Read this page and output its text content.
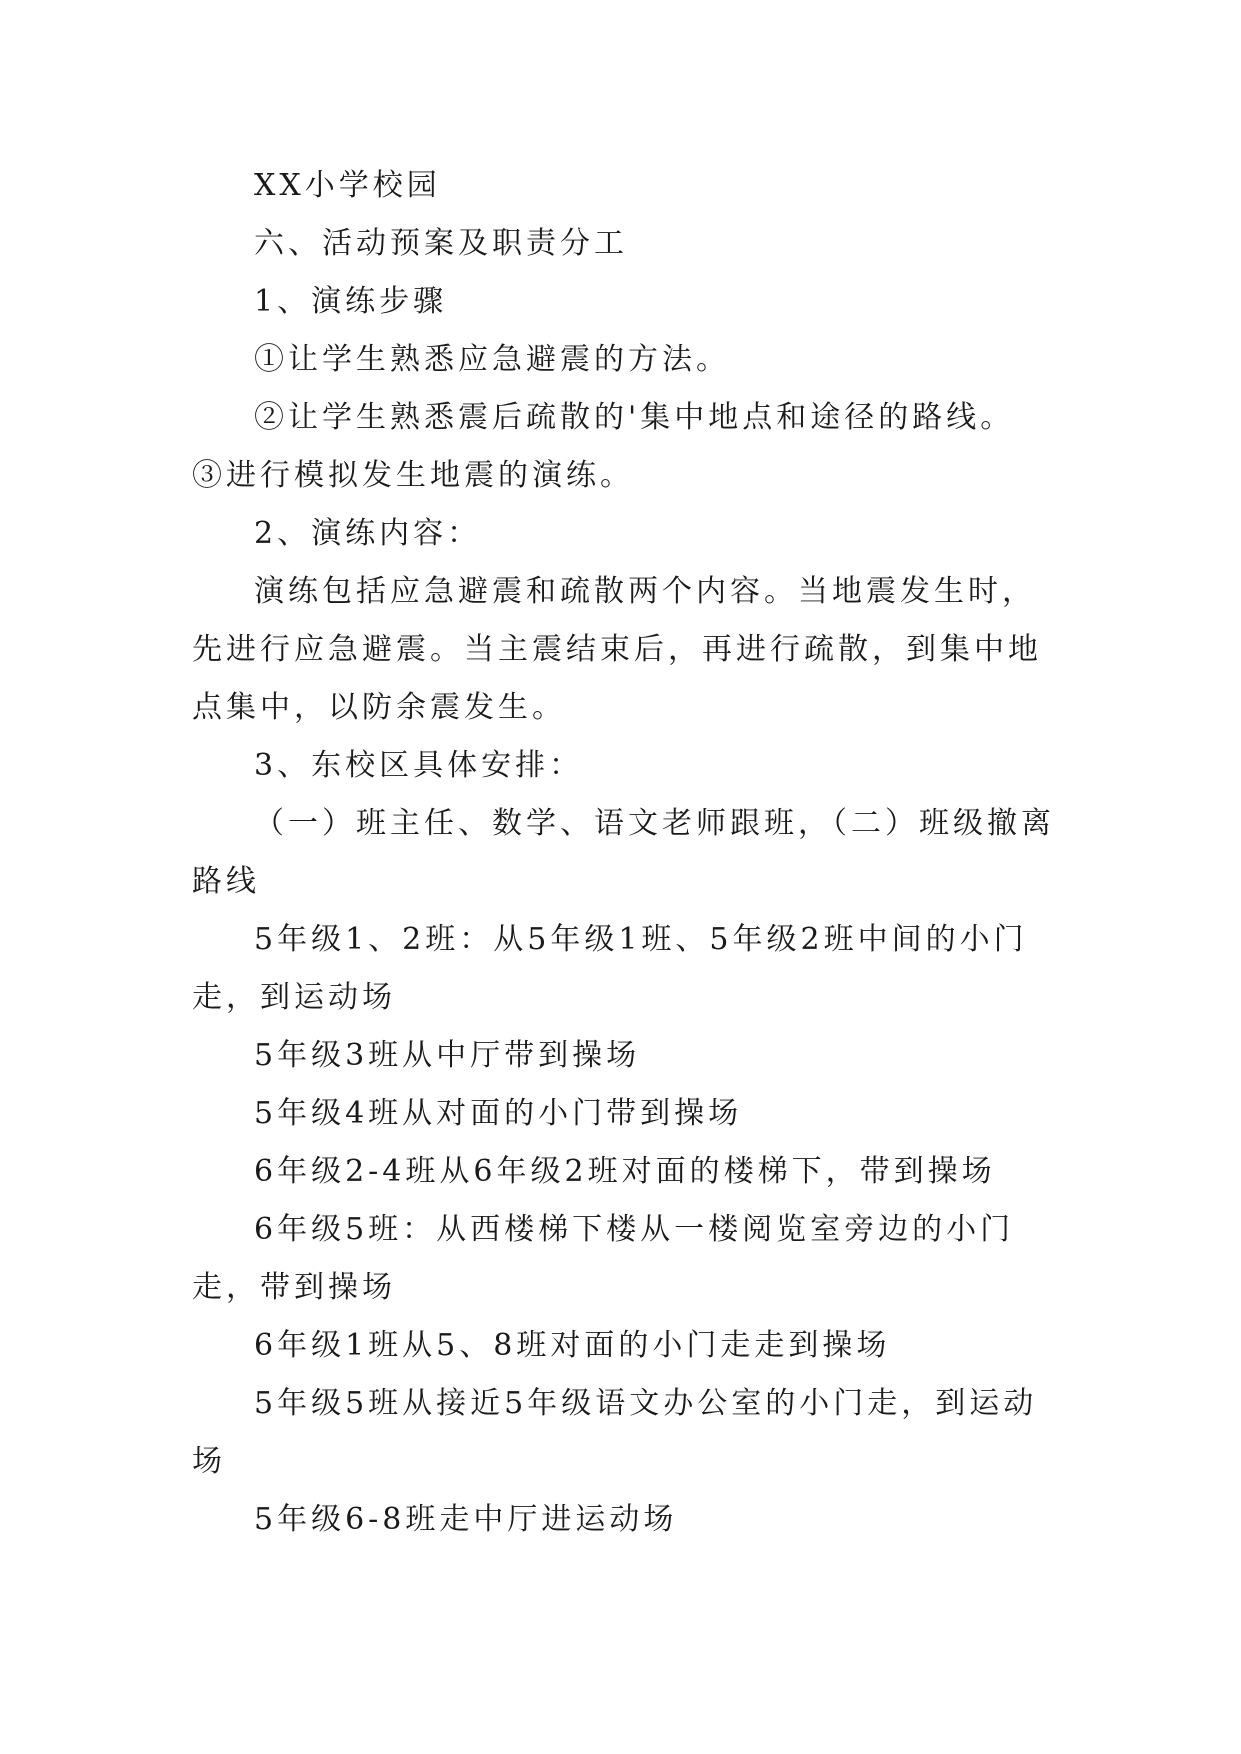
XX小学校园

六、活动预案及职责分工

1、演练步骤

①让学生熟悉应急避震的方法。

②让学生熟悉震后疏散的'集中地点和途径的路线。 ③进行模拟发生地震的演练。

2、演练内容：

演练包括应急避震和疏散两个内容。当地震发生时，先进行应急避震。当主震结束后，再进行疏散，到集中地点集中，以防余震发生。

3、东校区具体安排：

（一）班主任、数学、语文老师跟班，（二）班级撤离路线

5年级1、2班：从5年级1班、5年级2班中间的小门走，到运动场

5年级3班从中厅带到操场

5年级4班从对面的小门带到操场

6年级2-4班从6年级2班对面的楼梯下，带到操场

6年级5班：从西楼梯下楼从一楼阅览室旁边的小门走，带到操场

6年级1班从5、8班对面的小门走走到操场

5年级5班从接近5年级语文办公室的小门走，到运动场

5年级6-8班走中厅进运动场
